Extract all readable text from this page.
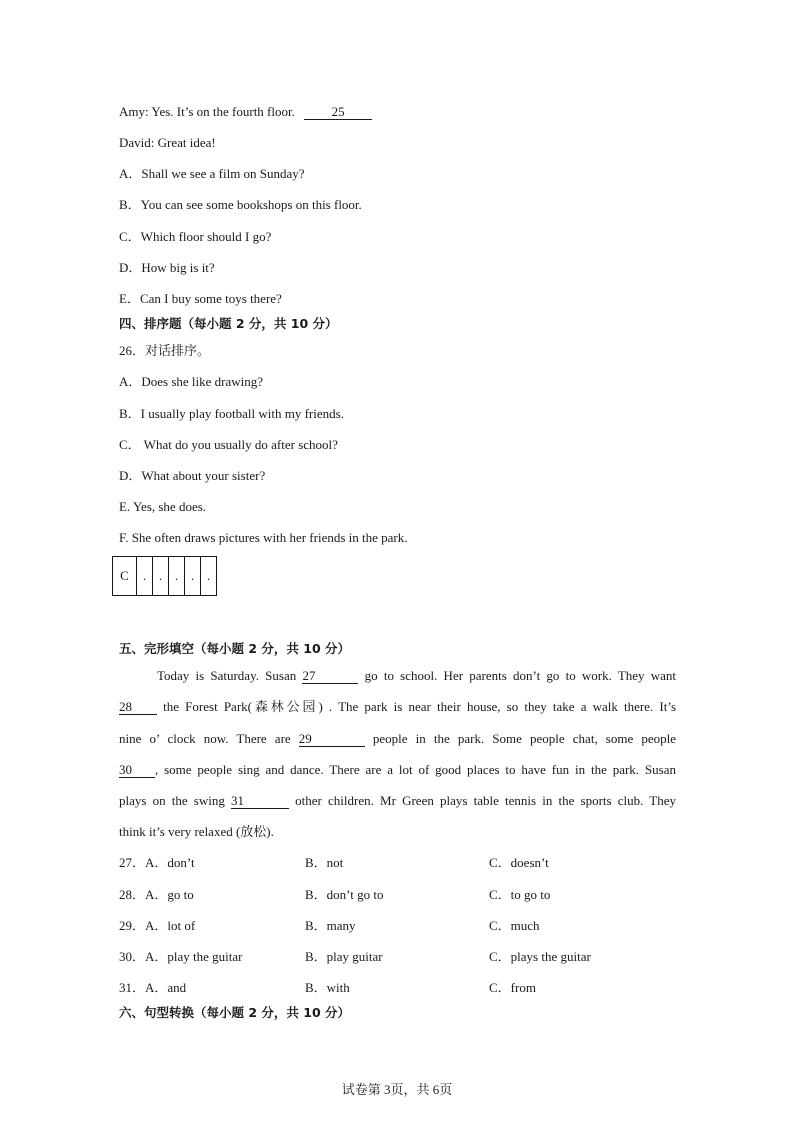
Amy: Yes. It’s on the fourth floor.	25
David: Great idea!
A．Shall we see a film on Sunday?
B．You can see some bookshops on this floor.
C．Which floor should I go?
D．How big is it?
E．Can I buy some toys there?
四、排序题（每小题 2 分，共 10 分）
26．对话排序。
A．Does she like drawing?
B．I usually play football with my friends.
C． What do you usually do after school?
D．What about your sister?
E. Yes, she does.
F. She often draws pictures with her friends in the park.
C	.	.	.	.	.
五、完形填空（每小题 2 分，共 10 分）
Today is Saturday. Susan 27	go to school. Her parents don’t go to work. They want
28 the Forest Park(森林公园) . The park is near their house, so they take a walk there. It’s
nine o’ clock now. There are 29	people in the park. Some people chat, some people
30 , some people sing and dance. There are a lot of good places to have fun in the park. Susan
plays on the swing 31	other children. Mr Green plays table tennis in the sports club. They
think it’s very relaxed (放松).
27．A．don’t	B．not	C．doesn’t
28．A．go to	B．don’t go to	C．to go to
29．A．lot of	B．many	C．much
30．A．play the guitar	B．play guitar	C．plays the guitar
31．A．and	B．with	C．from
六、句型转换（每小题 2 分，共 10 分）
试卷第 3页，共 6页
